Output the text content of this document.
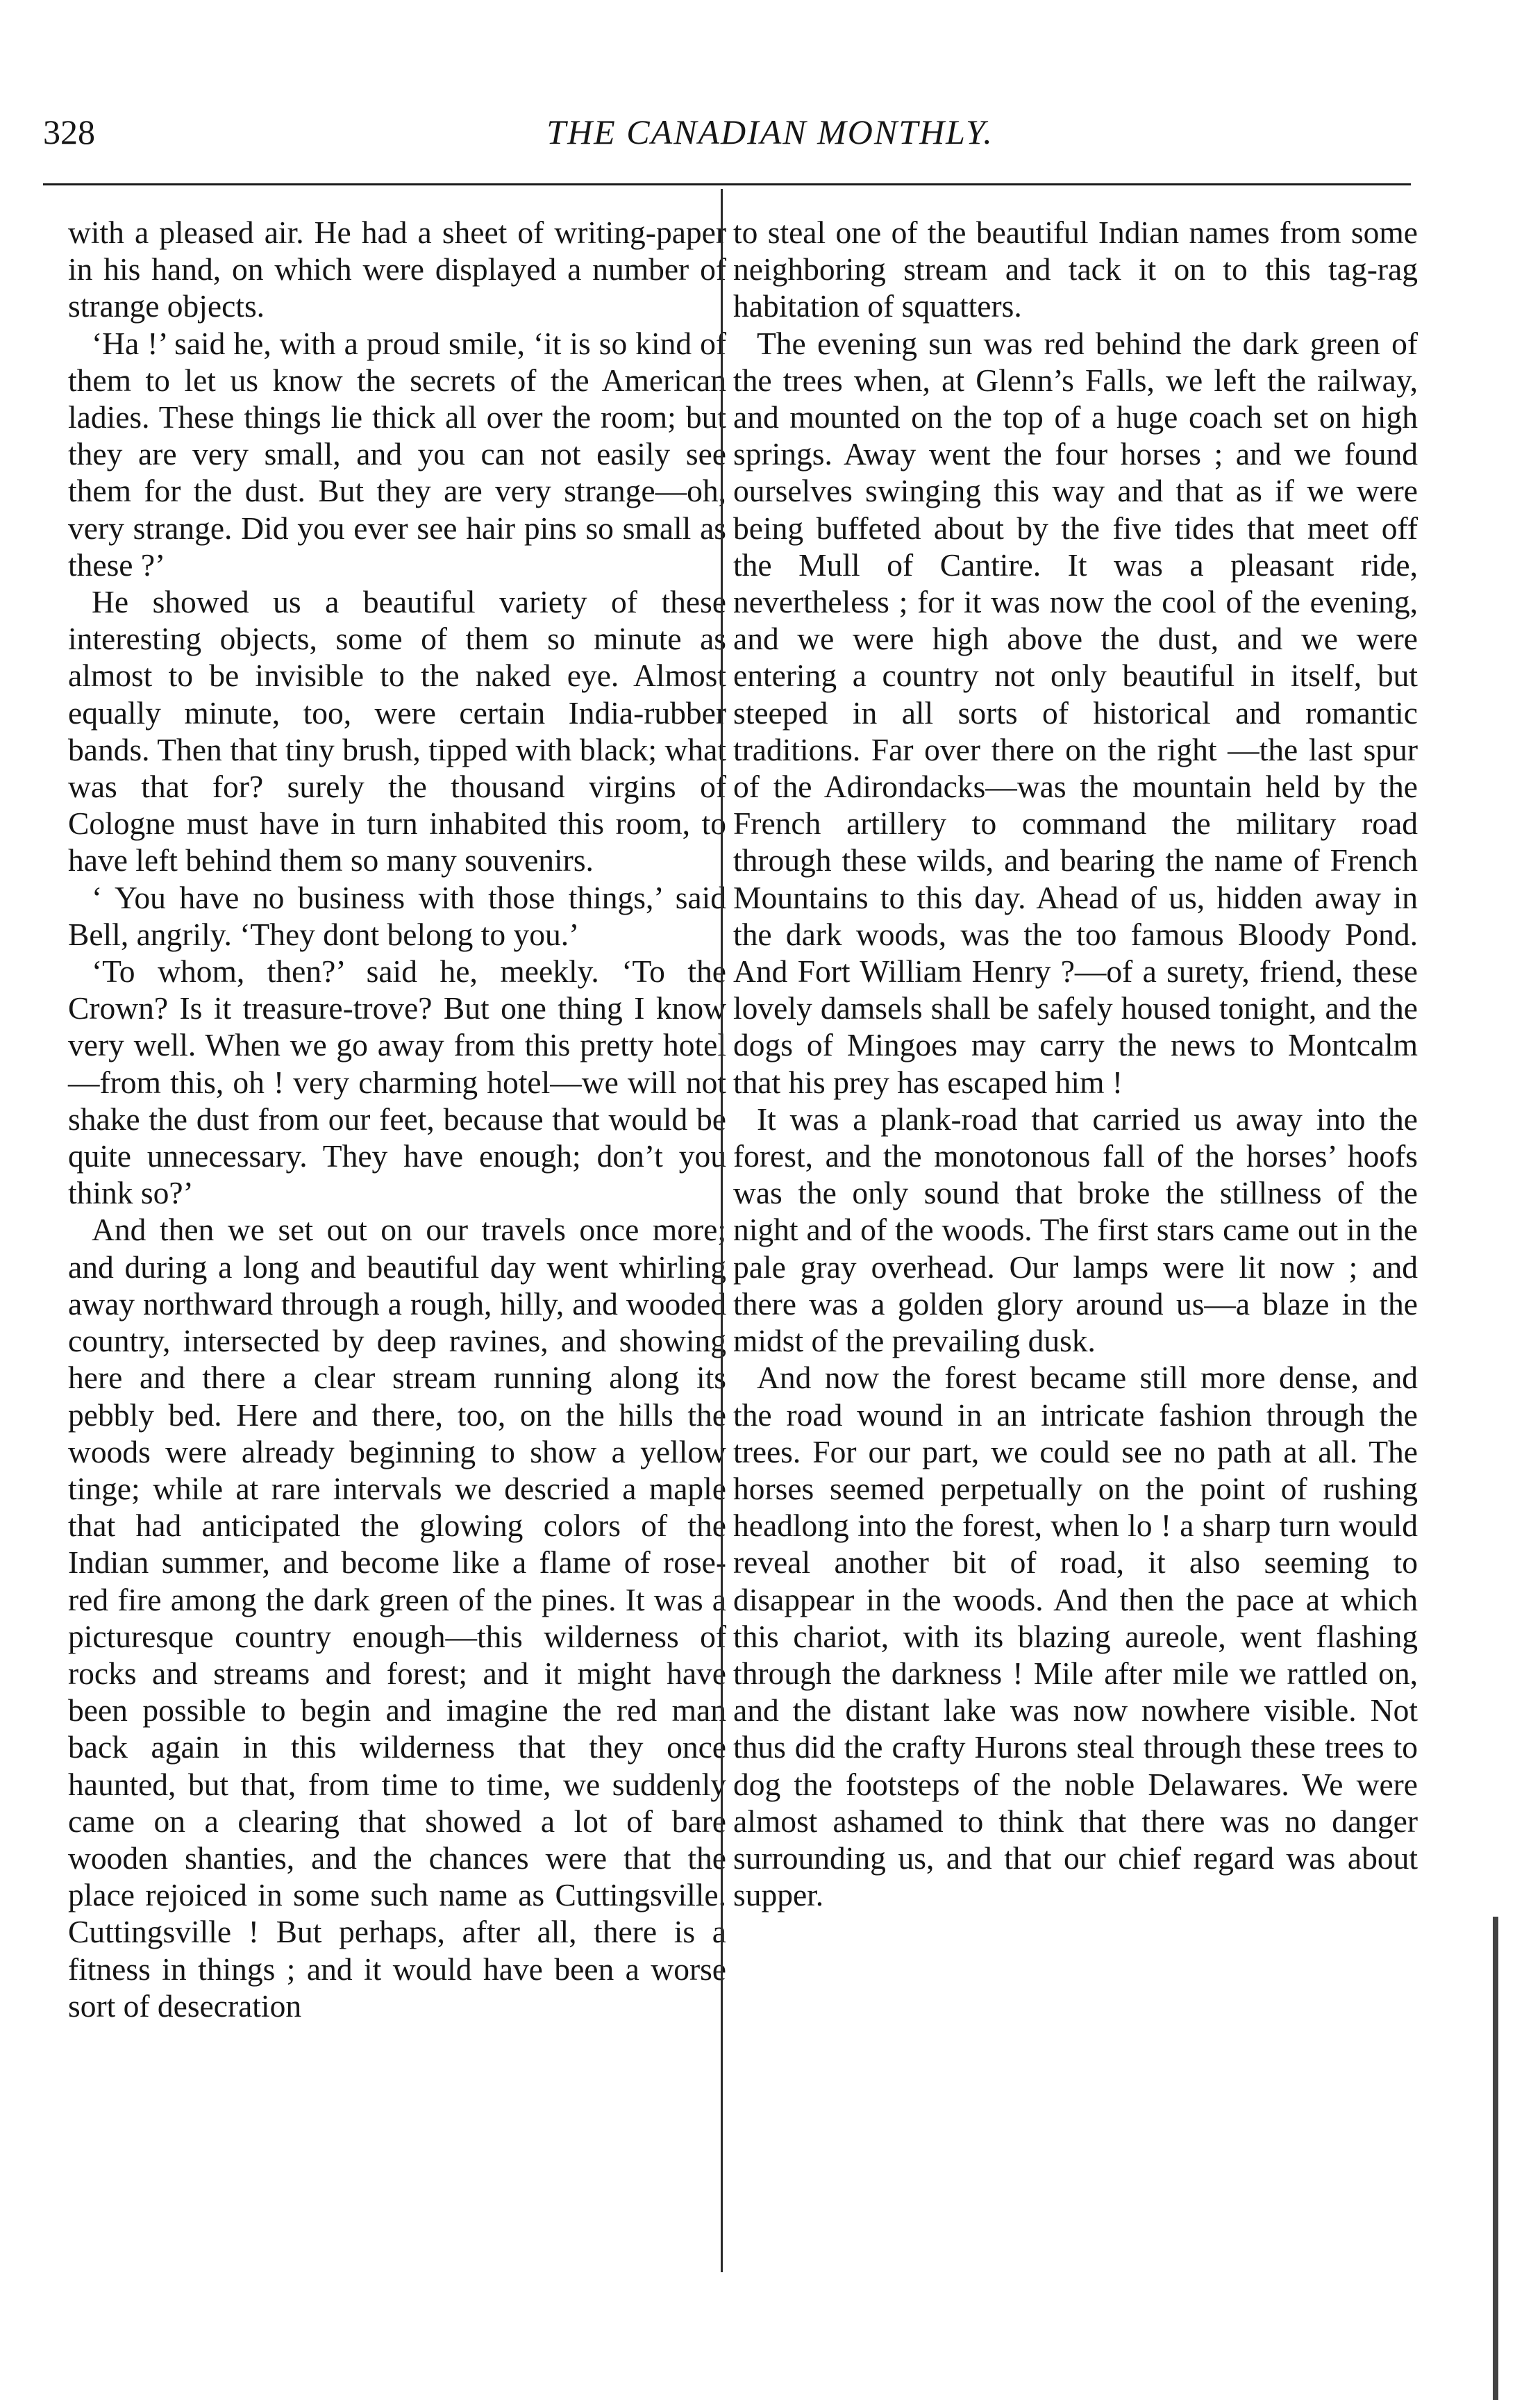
328	THE CANADIAN MONTHLY.

with a pleased air. He had a sheet of writing-paper in his hand, on which were displayed a number of strange objects.

‘Ha !’ said he, with a proud smile, ‘it is so kind of them to let us know the secrets of the American ladies. These things lie thick all over the room; but they are very small, and you can not easily see them for the dust. But they are very strange—oh, very strange. Did you ever see hair pins so small as these ?’

He showed us a beautiful variety of these interesting objects, some of them so minute as almost to be invisible to the naked eye. Almost equally minute, too, were certain India-rubber bands. Then that tiny brush, tipped with black; what was that for? surely the thousand virgins of Cologne must have in turn inhabited this room, to have left behind them so many souvenirs.

‘ You have no business with those things,’ said Bell, angrily. ‘They dont belong to you.’

‘To whom, then?’ said he, meekly. ‘To the Crown? Is it treasure-trove? But one thing I know very well. When we go away from this pretty hotel—from this, oh ! very charming hotel—we will not shake the dust from our feet, because that would be quite unnecessary. They have enough; don’t you think so?’

And then we set out on our travels once more; and during a long and beautiful day went whirling away northward through a rough, hilly, and wooded country, intersected by deep ravines, and showing here and there a clear stream running along its pebbly bed. Here and there, too, on the hills the woods were already beginning to show a yellow tinge; while at rare intervals we descried a maple that had anticipated the glowing colors of the Indian summer, and become like a flame of rose-red fire among the dark green of the pines. It was a picturesque country enough—this wilderness of rocks and streams and forest; and it might have been possible to begin and imagine the red man back again in this wilderness that they once haunted, but that, from time to time, we suddenly came on a clearing that showed a lot of bare wooden shanties, and the chances were that the place rejoiced in some such name as Cuttingsville. Cuttingsville ! But perhaps, after all, there is a fitness in things ; and it would have been a worse sort of desecration

to steal one of the beautiful Indian names from some neighboring stream and tack it on to this tag-rag habitation of squatters.

The evening sun was red behind the dark green of the trees when, at Glenn’s Falls, we left the railway, and mounted on the top of a huge coach set on high springs. Away went the four horses ; and we found ourselves swinging this way and that as if we were being buffeted about by the five tides that meet off the Mull of Cantire. It was a pleasant ride, nevertheless ; for it was now the cool of the evening, and we were high above the dust, and we were entering a country not only beautiful in itself, but steeped in all sorts of historical and romantic traditions. Far over there on the right —the last spur of the Adirondacks—was the mountain held by the French artillery to command the military road through these wilds, and bearing the name of French Mountains to this day. Ahead of us, hidden away in the dark woods, was the too famous Bloody Pond. And Fort William Henry ?—of a surety, friend, these lovely damsels shall be safely housed tonight, and the dogs of Mingoes may carry the news to Montcalm that his prey has escaped him !

It was a plank-road that carried us away into the forest, and the monotonous fall of the horses’ hoofs was the only sound that broke the stillness of the night and of the woods. The first stars came out in the pale gray overhead. Our lamps were lit now ; and there was a golden glory around us—a blaze in the midst of the prevailing dusk.

And now the forest became still more dense, and the road wound in an intricate fashion through the trees. For our part, we could see no path at all. The horses seemed perpetually on the point of rushing headlong into the forest, when lo ! a sharp turn would reveal another bit of road, it also seeming to disappear in the woods. And then the pace at which this chariot, with its blazing aureole, went flashing through the darkness ! Mile after mile we rattled on, and the distant lake was now nowhere visible. Not thus did the crafty Hurons steal through these trees to dog the footsteps of the noble Delawares. We were almost ashamed to think that there was no danger surrounding us, and that our chief regard was about supper.
